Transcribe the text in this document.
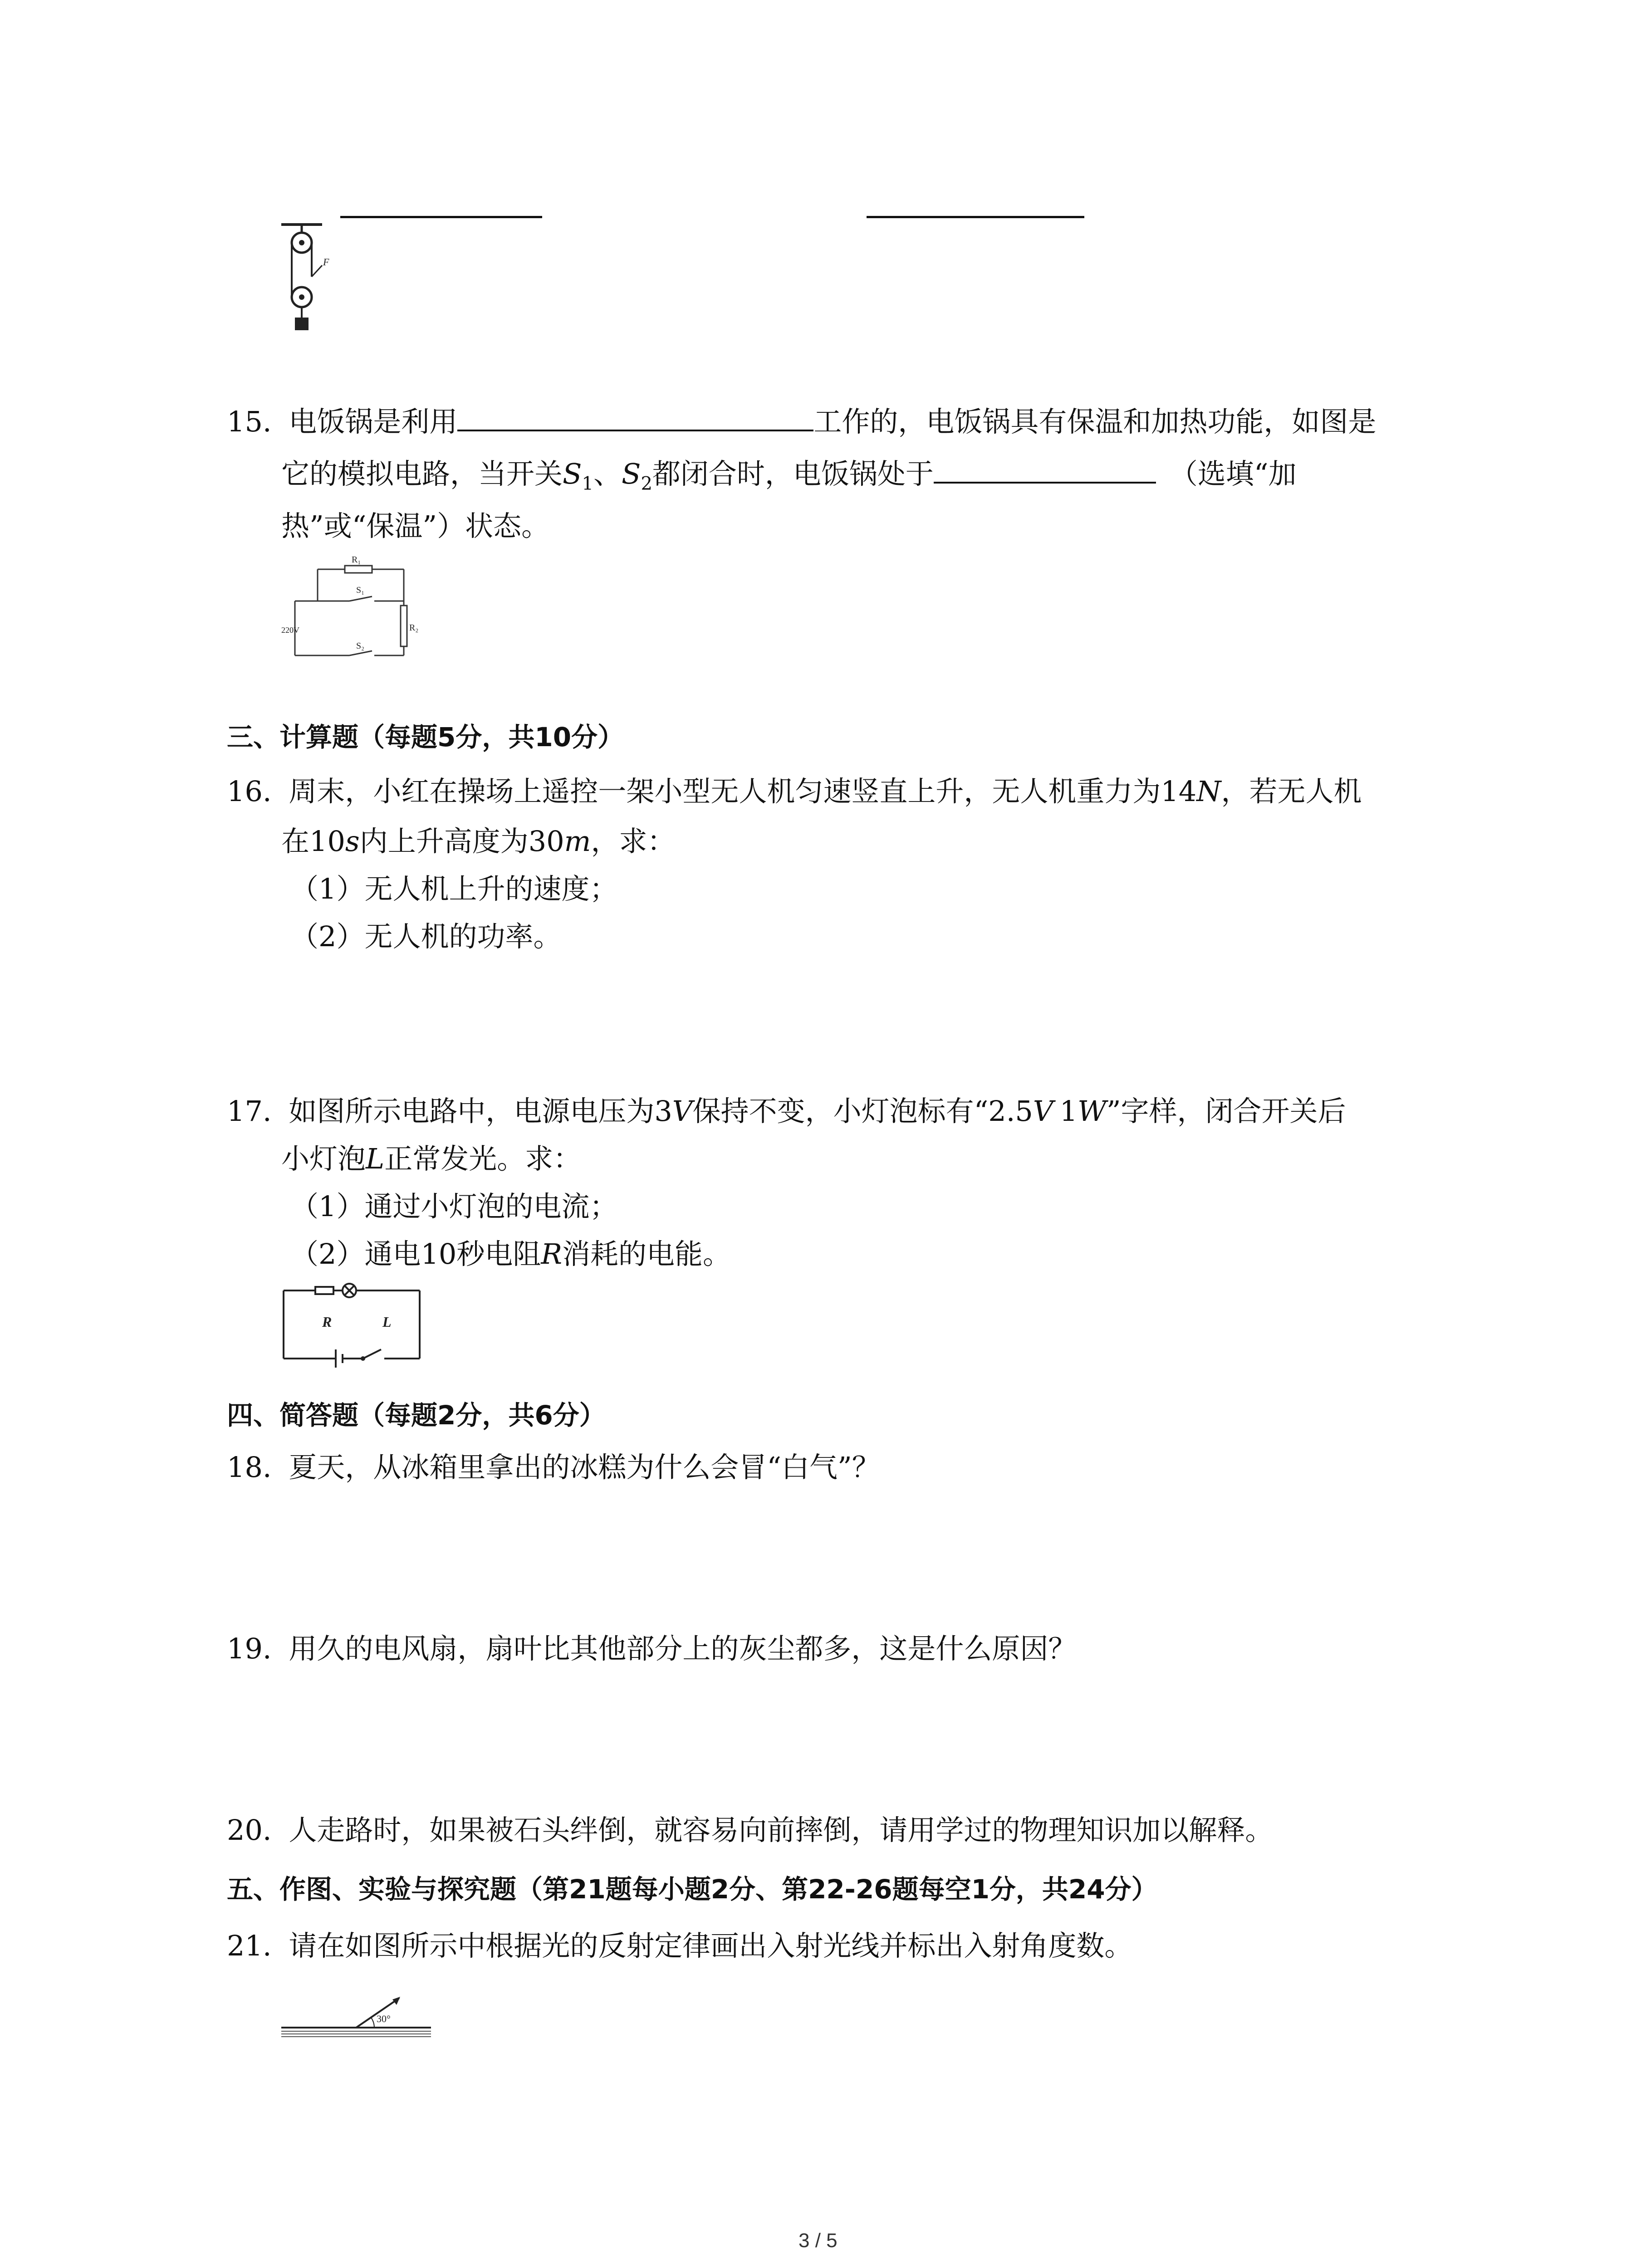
F
15. 电饭锅是利用	工作的，电饭锅具有保温和加热功能，如图是
它的模拟电路，当开关$S_1$、$S_2$都闭合时，电饭锅处于	（选填“加
热”或“保温”）状态。
R₁
S₁
R₂
S₂
220V
三、计算题（每题5分，共10分）
16. 周末，小红在操场上遥控一架小型无人机匀速竖直上升，无人机重力为14N，若无人机
在10s内上升高度为30m，求：
（1）无人机上升的速度；
（2）无人机的功率。
17. 如图所示电路中，电源电压为3V保持不变，小灯泡标有“2.5V 1W”字样，闭合开关后
小灯泡L正常发光。求：
（1）通过小灯泡的电流；
（2）通电10秒电阻R消耗的电能。
R	L
四、简答题（每题2分，共6分）
18. 夏天，从冰箱里拿出的冰糕为什么会冒“白气”？
19. 用久的电风扇，扇叶比其他部分上的灰尘都多，这是什么原因？
20. 人走路时，如果被石头绊倒，就容易向前摔倒，请用学过的物理知识加以解释。
五、作图、实验与探究题（第21题每小题2分、第22-26题每空1分，共24分）
21. 请在如图所示中根据光的反射定律画出入射光线并标出入射角度数。
30°
3 / 5
